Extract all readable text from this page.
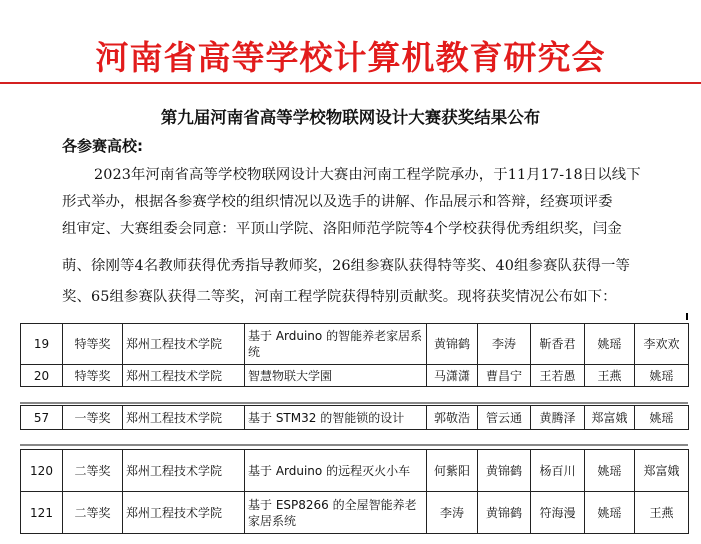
河南省高等学校计算机教育研究会
第九届河南省高等学校物联网设计大赛获奖结果公布
各参赛高校:
2023年河南省高等学校物联网设计大赛由河南工程学院承办，于11月17-18日以线下
形式举办，根据各参赛学校的组织情况以及选手的讲解、作品展示和答辩，经赛项评委
组审定、大赛组委会同意：平顶山学院、洛阳师范学院等4个学校获得优秀组织奖，闫金
萌、徐刚等4名教师获得优秀指导教师奖，26组参赛队获得特等奖、40组参赛队获得一等
奖、65组参赛队获得二等奖，河南工程学院获得特别贡献奖。现将获奖情况公布如下：
19	特等奖	郑州工程技术学院	基于 Arduino 的智能养老家居系统	黄锦鹤	李涛	靳香君	姚瑶	李欢欢
20	特等奖	郑州工程技术学院	智慧物联大学園	马潇潇	曹昌宁	王若愚	王燕	姚瑶
57	一等奖	郑州工程技术学院	基于 STM32 的智能锁的设计	郭敬浩	管云通	黄腾泽	郑富娥	姚瑶
120	二等奖	郑州工程技术学院	基于 Arduino 的远程灭火小车	何紫阳	黄锦鹤	杨百川	姚瑶	郑富娥
121	二等奖	郑州工程技术学院	基于 ESP8266 的全屋智能养老家居系统	李涛	黄锦鹤	符海漫	姚瑶	王燕
